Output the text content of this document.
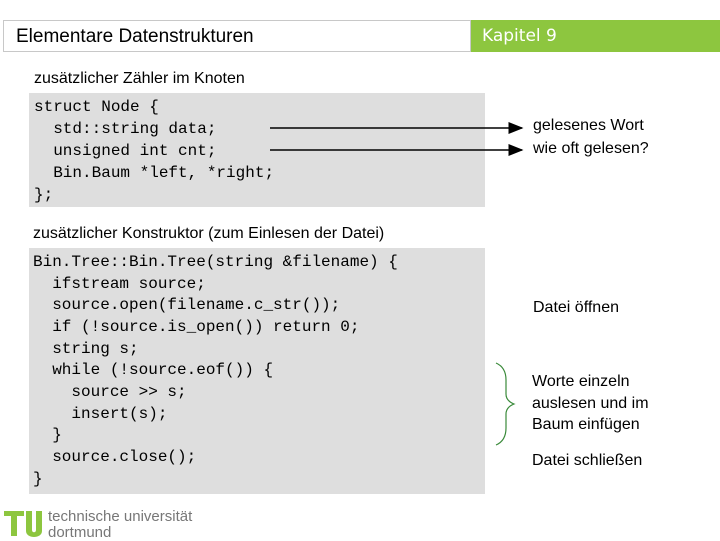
Elementare Datenstrukturen	Kapitel 9
zusätzlicher Zähler im Knoten
struct Node {
std::string data;
unsigned int cnt;
Bin.Baum *left, *right;
};
gelesenes Wort
wie oft gelesen?
zusätzlicher Konstruktor (zum Einlesen der Datei)
Bin.Tree::Bin.Tree(string &filename) {
ifstream source;
source.open(filename.c_str());
if (!source.is_open()) return 0;
string s;
while (!source.eof()) {
source >> s;
insert(s);
}
source.close();
}
Datei öffnen
Worte einzeln
auslesen und im
Baum einfügen
Datei schließen
technische universität
dortmund
